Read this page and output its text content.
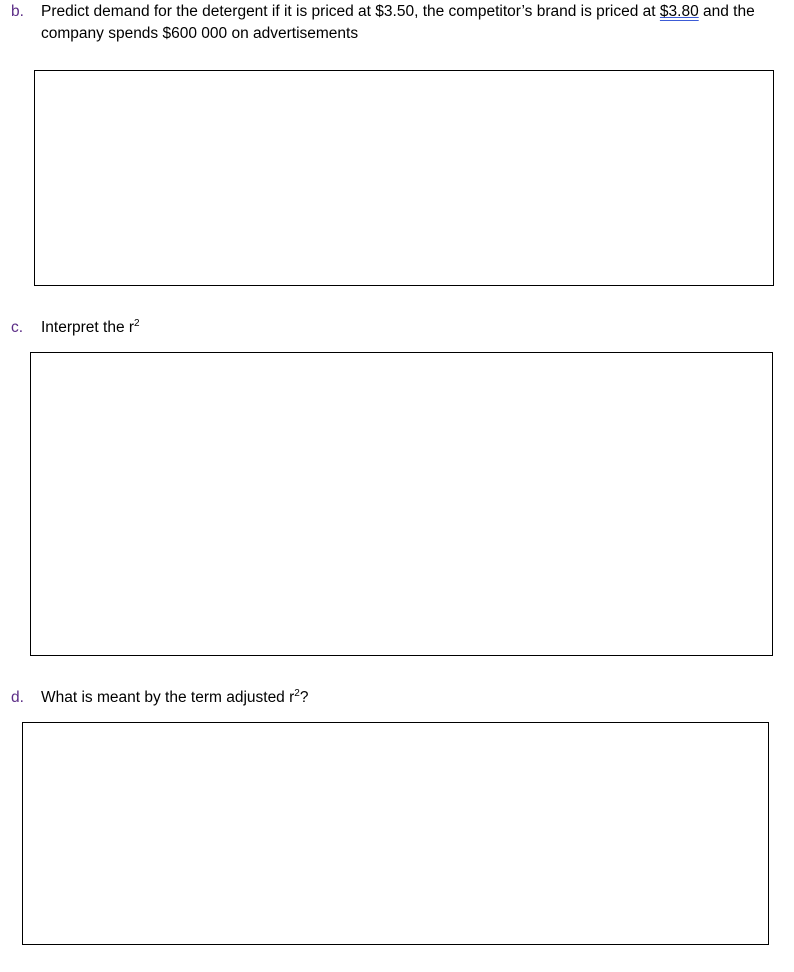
b. Predict demand for the detergent if it is priced at $3.50, the competitor’s brand is priced at $3.80 and the company spends $600 000 on advertisements
c. Interpret the $r^2$
d. What is meant by the term adjusted $r^2$?
